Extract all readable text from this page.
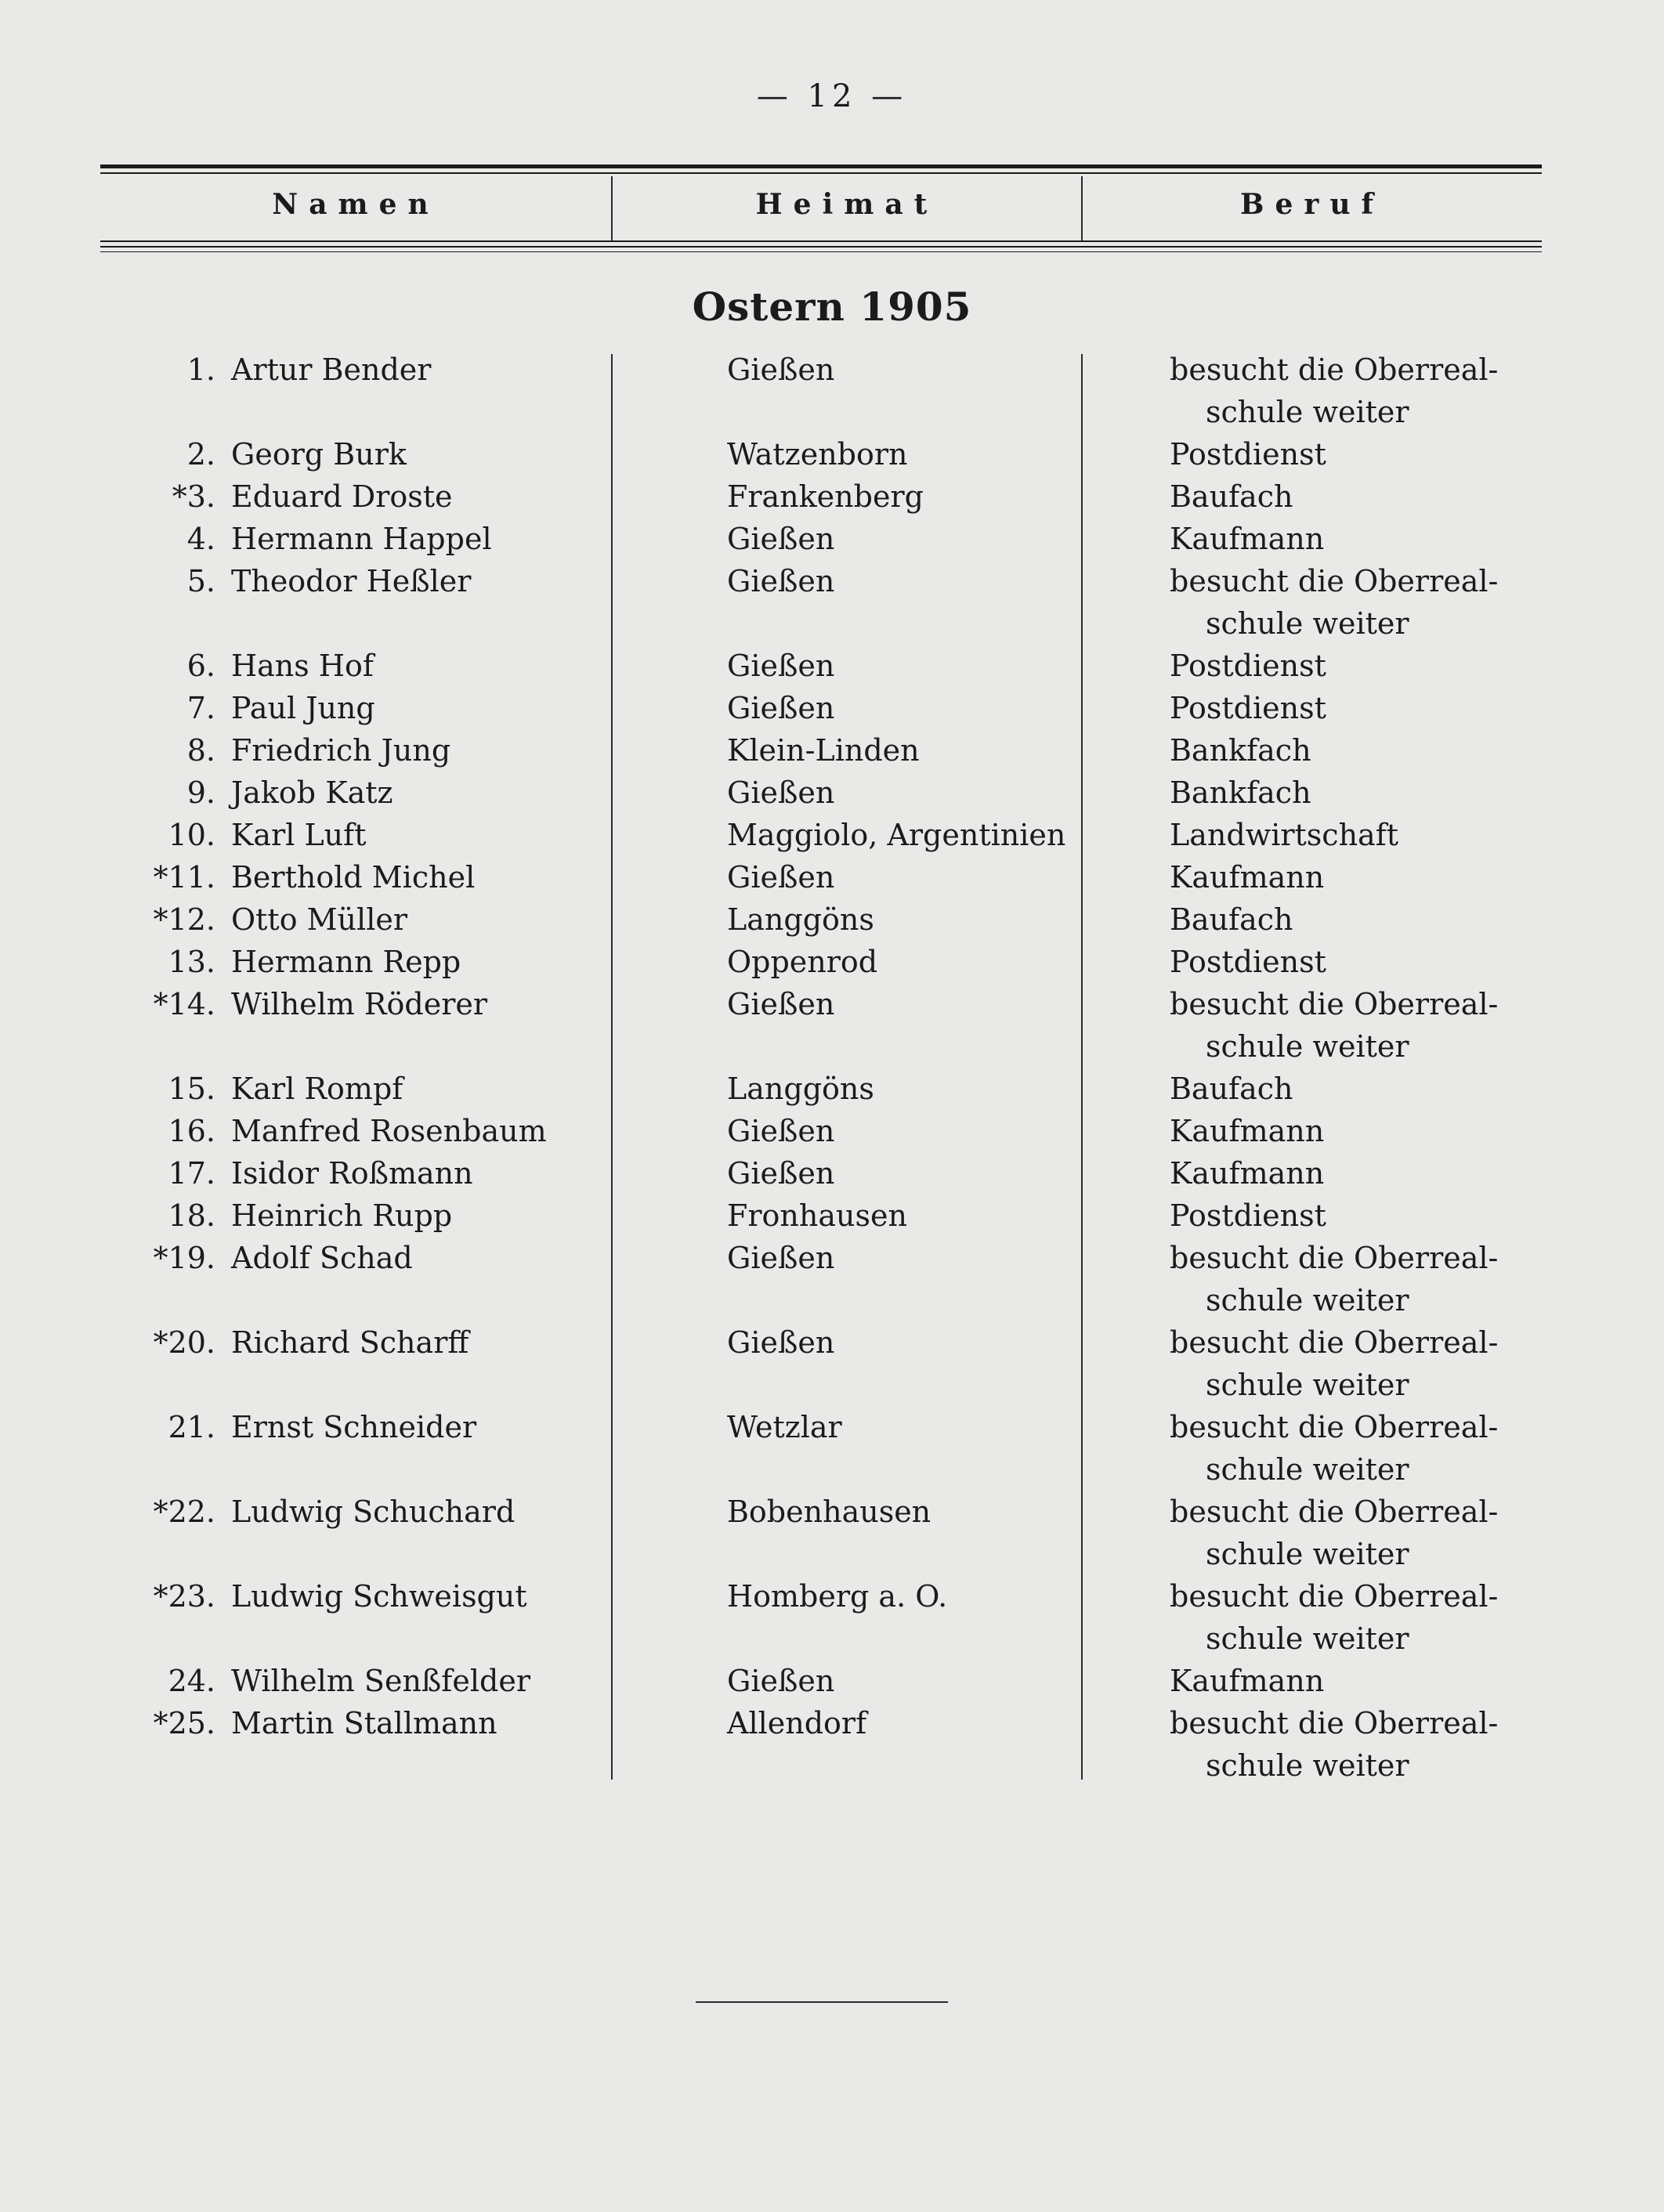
— 12 —
Namen	Heimat	Beruf
Ostern 1905
1. Artur Bender	Gießen	besucht die Oberreal-
schule weiter
2. Georg Burk	Watzenborn	Postdienst
*3. Eduard Droste	Frankenberg	Baufach
4. Hermann Happel	Gießen	Kaufmann
5. Theodor Heßler	Gießen	besucht die Oberreal-
schule weiter
6. Hans Hof	Gießen	Postdienst
7. Paul Jung	Gießen	Postdienst
8. Friedrich Jung	Klein-Linden	Bankfach
9. Jakob Katz	Gießen	Bankfach
10. Karl Luft	Maggiolo, Argentinien	Landwirtschaft
*11. Berthold Michel	Gießen	Kaufmann
*12. Otto Müller	Langgöns	Baufach
13. Hermann Repp	Oppenrod	Postdienst
*14. Wilhelm Röderer	Gießen	besucht die Oberreal-
schule weiter
15. Karl Rompf	Langgöns	Baufach
16. Manfred Rosenbaum	Gießen	Kaufmann
17. Isidor Roßmann	Gießen	Kaufmann
18. Heinrich Rupp	Fronhausen	Postdienst
*19. Adolf Schad	Gießen	besucht die Oberreal-
schule weiter
*20. Richard Scharff	Gießen	besucht die Oberreal-
schule weiter
21. Ernst Schneider	Wetzlar	besucht die Oberreal-
schule weiter
*22. Ludwig Schuchard	Bobenhausen	besucht die Oberreal-
schule weiter
*23. Ludwig Schweisgut	Homberg a. O.	besucht die Oberreal-
schule weiter
24. Wilhelm Senßfelder	Gießen	Kaufmann
*25. Martin Stallmann	Allendorf	besucht die Oberreal-
schule weiter
